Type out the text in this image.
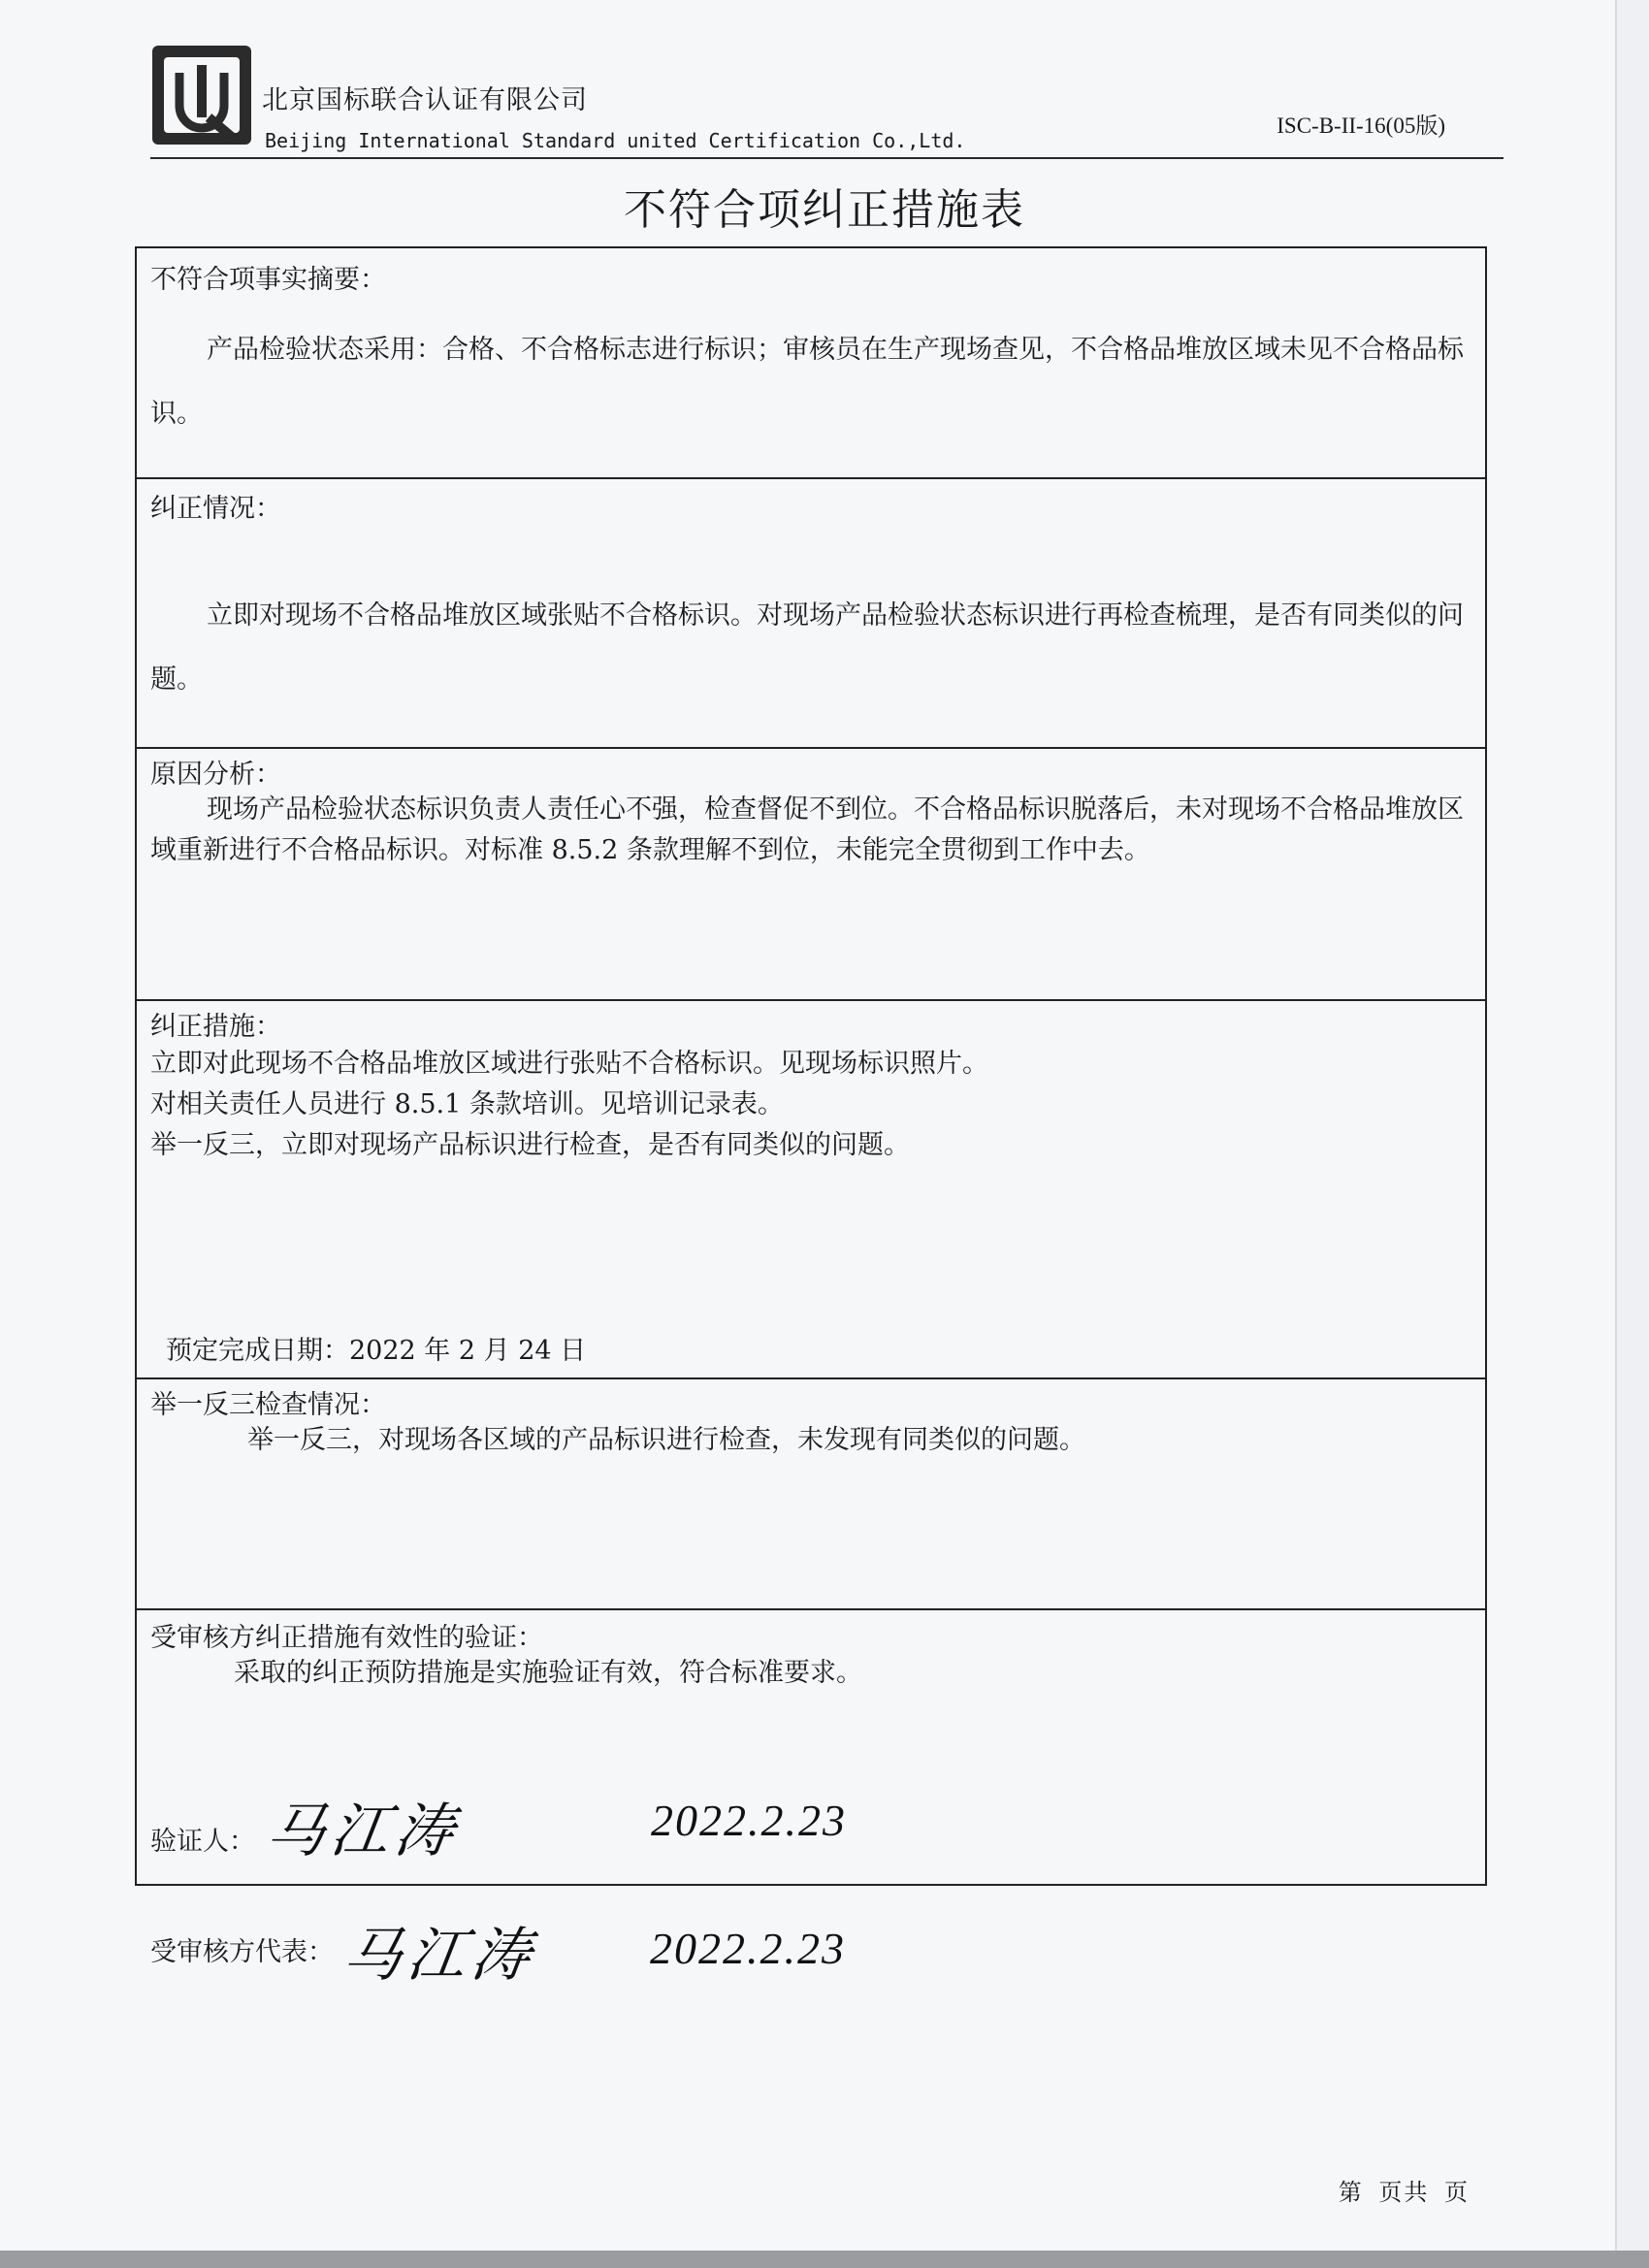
北京国标联合认证有限公司
Beijing International Standard united Certification Co.,Ltd.
ISC-B-II-16(05版)
不符合项纠正措施表
不符合项事实摘要：
产品检验状态采用：合格、不合格标志进行标识；审核员在生产现场查见，不合格品堆放区域未见不合格品标识。
纠正情况：
立即对现场不合格品堆放区域张贴不合格标识。对现场产品检验状态标识进行再检查梳理，是否有同类似的问题。
原因分析：
现场产品检验状态标识负责人责任心不强，检查督促不到位。不合格品标识脱落后，未对现场不合格品堆放区域重新进行不合格品标识。对标准 8.5.2 条款理解不到位，未能完全贯彻到工作中去。
纠正措施：
立即对此现场不合格品堆放区域进行张贴不合格标识。见现场标识照片。
对相关责任人员进行 8.5.1 条款培训。见培训记录表。
举一反三，立即对现场产品标识进行检查，是否有同类似的问题。
预定完成日期：2022 年 2 月 24 日
举一反三检查情况：
举一反三，对现场各区域的产品标识进行检查，未发现有同类似的问题。
受审核方纠正措施有效性的验证：
采取的纠正预防措施是实施验证有效，符合标准要求。
验证人： 马江涛	2022.2.23
受审核方代表： 马江涛 2022.2.23
第 页共 页
